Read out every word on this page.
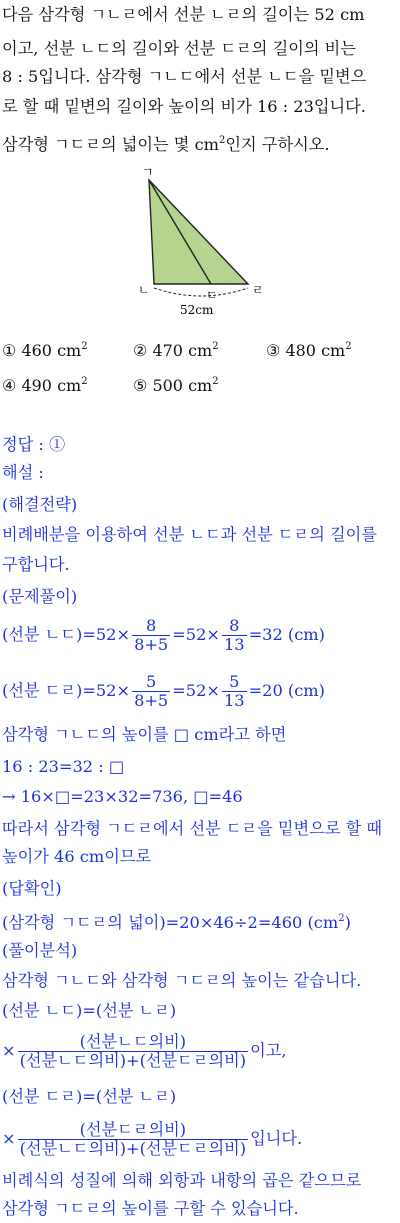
다음 삼각형 ㄱㄴㄹ에서 선분 ㄴㄹ의 길이는 52 cm
이고, 선분 ㄴㄷ의 길이와 선분 ㄷㄹ의 길이의 비는
8 : 5입니다. 삼각형 ㄱㄴㄷ에서 선분 ㄴㄷ을 밑변으
로 할 때 밑변의 길이와 높이의 비가 16 : 23입니다.
삼각형 ㄱㄷㄹ의 넓이는 몇 $cm^2$인지 구하시오.
ㄱ
ㄴ	ㄷ	ㄹ
52cm
① 460 $cm^2$	② 470 $cm^2$	③ 480 $cm^2$
④ 490 $cm^2$	⑤ 500 $cm^2$
정답 : ①
해설 :
(해결전략)
비례배분을 이용하여 선분 ㄴㄷ과 선분 ㄷㄹ의 길이를
구합니다.
(문제풀이)
(선분 ㄴㄷ)$=52\times \frac{8}{8+5} =52\times \frac{8}{13} =32$ (cm)
(선분 ㄷㄹ)$=52\times \frac{5}{8+5} =52\times \frac{5}{13} =20$ (cm)
삼각형 ㄱㄴㄷ의 높이를 □ cm라고 하면
16 : 23=32 : □
→ 16×□=23×32=736, □=46
따라서 삼각형 ㄱㄷㄹ에서 선분 ㄷㄹ을 밑변으로 할 때
높이가 46 cm이므로
(답확인)
(삼각형 ㄱㄷㄹ의 넓이)=20×46÷2=460 $(cm^2)$
(풀이분석)
삼각형 ㄱㄴㄷ와 삼각형 ㄱㄷㄹ의 높이는 같습니다.
(선분 ㄴㄷ)=(선분 ㄴㄹ)
× $\frac{\text{(선분ㄴㄷ의비)}}{\text{(선분ㄴㄷ의비)+(선분ㄷㄹ의비)}}$ 이고,
(선분 ㄷㄹ)=(선분 ㄴㄹ)
× $\frac{\text{(선분ㄷㄹ의비)}}{\text{(선분ㄴㄷ의비)+(선분ㄷㄹ의비)}}$ 입니다.
비례식의 성질에 의해 외항과 내항의 곱은 같으므로
삼각형 ㄱㄷㄹ의 높이를 구할 수 있습니다.
